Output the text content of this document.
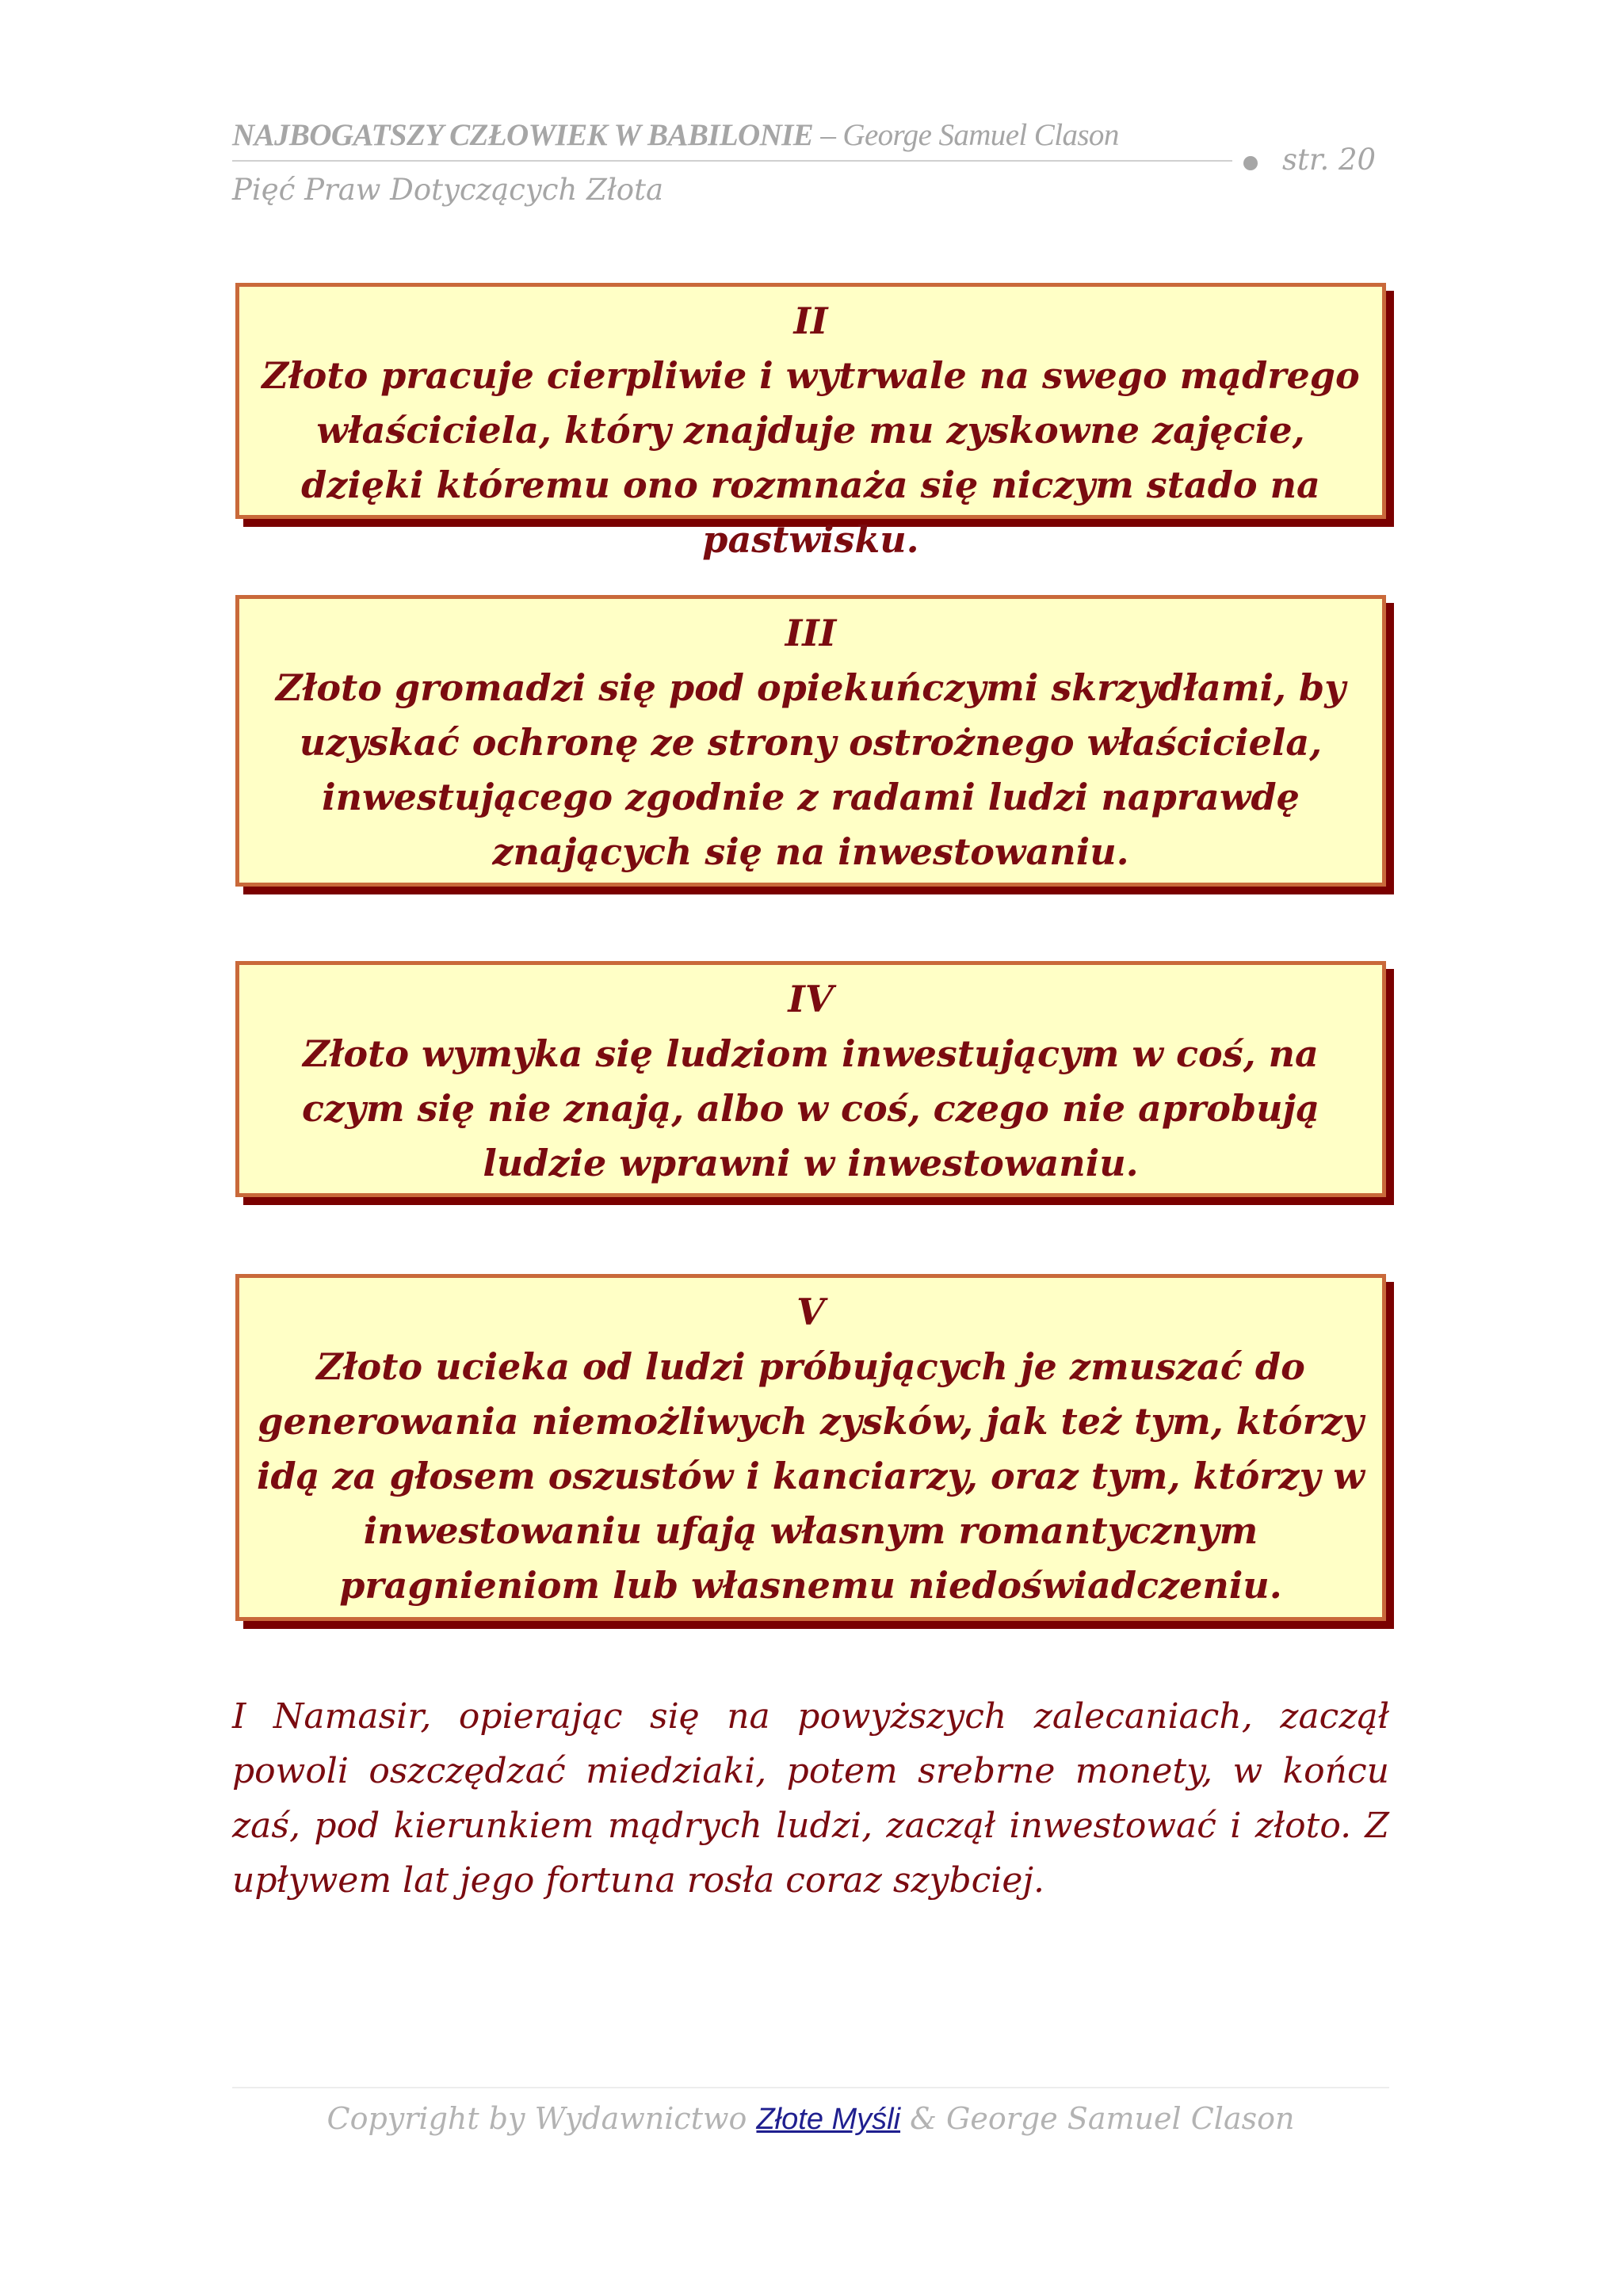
NAJBOGATSZY CZŁOWIEK W BABILONIE – George Samuel Clason
Pięć Praw Dotyczących Złota
str. 20
II
Złoto pracuje cierpliwie i wytrwale na swego mądrego właściciela, który znajduje mu zyskowne zajęcie, dzięki któremu ono rozmnaża się niczym stado na pastwisku.
III
Złoto gromadzi się pod opiekuńczymi skrzydłami, by uzyskać ochronę ze strony ostrożnego właściciela, inwestującego zgodnie z radami ludzi naprawdę znających się na inwestowaniu.
IV
Złoto wymyka się ludziom inwestującym w coś, na czym się nie znają, albo w coś, czego nie aprobują ludzie wprawni w inwestowaniu.
V
Złoto ucieka od ludzi próbujących je zmuszać do generowania niemożliwych zysków, jak też tym, którzy idą za głosem oszustów i kanciarzy, oraz tym, którzy w inwestowaniu ufają własnym romantycznym pragnieniom lub własnemu niedoświadczeniu.

I Namasir, opierając się na powyższych zalecaniach, zaczął powoli oszczędzać miedziaki, potem srebrne monety, w końcu zaś, pod kierunkiem mądrych ludzi, zaczął inwestować i złoto. Z upływem lat jego fortuna rosła coraz szybciej.

Copyright by Wydawnictwo Złote Myśli & George Samuel Clason
